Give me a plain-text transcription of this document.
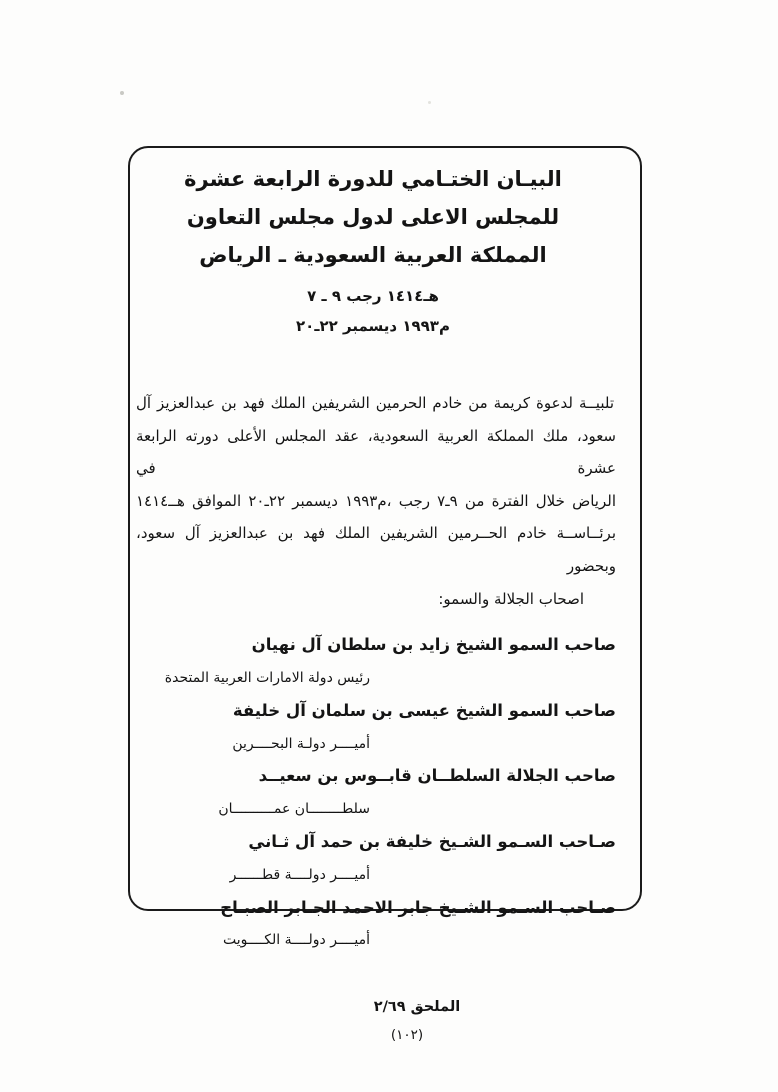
البيـان الختـامي للدورة الرابعة عشرة
للمجلس الاعلى لدول مجلس التعاون
المملكة العربية السعودية ـ الرياض
هـ١٤١٤ رجب ٩ ـ ٧
م١٩٩٣ ديسمبر ٢٢ـ٢٠
تلبيــة لدعوة كريمة من خادم الحرمين الشريفين الملك فهد بن عبدالعزيز آل
سعود، ملك المملكة العربية السعودية، عقد المجلس الأعلى دورته الرابعة عشرة في
الرياض خلال الفترة من ٩ـ٧ رجب ،م١٩٩٣ ديسمبر ٢٢ـ٢٠ الموافق هــ١٤١٤
برئــاســة خادم الحــرمين الشريفين الملك فهد بن عبدالعزيز آل سعود، وبحضور
اصحاب الجلالة والسمو:
صاحب السمو الشيخ زايد بن سلطان آل نهيان
رئيس دولة الامارات العربية المتحدة
صاحب السمو الشيخ عيسى بن سلمان آل خليفة
أميــــر دولـة البحــــرين
صاحب الجلالة السلطــان قابــوس بن سعيــد
سلطــــــــان عمــــــــــان
صـاحب السـمو الشـيخ خليفة بن حمد آل ثـاني
أميــــر دولــــة قطــــــر
صـاحب السـمو الشـيخ جابر الاحمد الجـابر الصبـاح
أميــــر دولــــة الكــــويت
الملحق ٢/٦٩
(١٠٢)
